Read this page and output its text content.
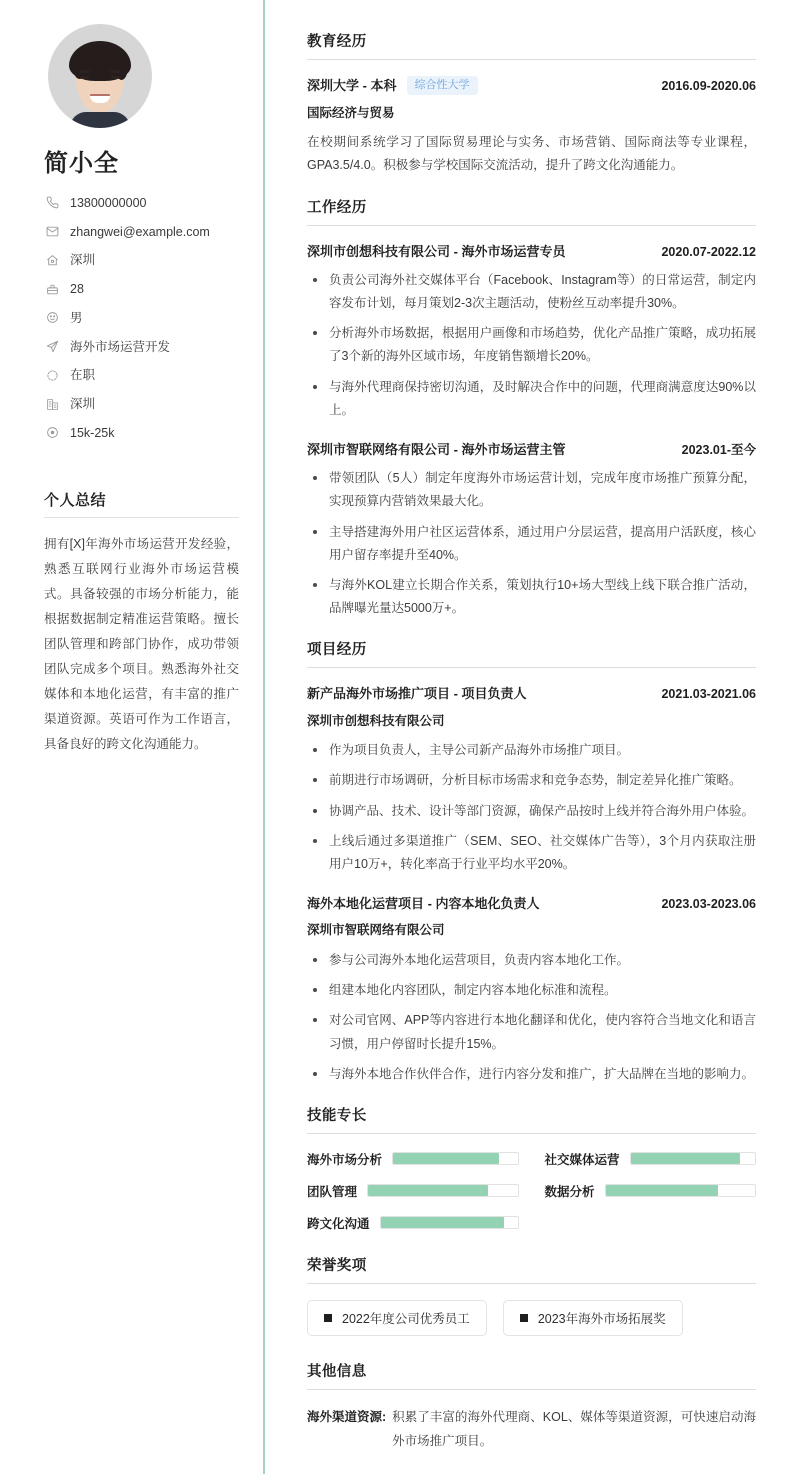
简小全
13800000000
zhangwei@example.com
深圳
28
男
海外市场运营开发
在职
深圳
15k-25k
个人总结

拥有[X]年海外市场运营开发经验，熟悉互联网行业海外市场运营模式。具备较强的市场分析能力，能根据数据制定精准运营策略。擅长团队管理和跨部门协作，成功带领团队完成多个项目。熟悉海外社交媒体和本地化运营，有丰富的推广渠道资源。英语可作为工作语言，具备良好的跨文化沟通能力。

教育经历
深圳大学 - 本科	综合性大学	2016.09-2020.06
国际经济与贸易

在校期间系统学习了国际贸易理论与实务、市场营销、国际商法等专业课程，GPA3.5/4.0。积极参与学校国际交流活动，提升了跨文化沟通能力。

工作经历
深圳市创想科技有限公司 - 海外市场运营专员	2020.07-2022.12
负责公司海外社交媒体平台（Facebook、Instagram等）的日常运营，制定内容发布计划，每月策划2-3次主题活动，使粉丝互动率提升30%。
分析海外市场数据，根据用户画像和市场趋势，优化产品推广策略，成功拓展了3个新的海外区域市场，年度销售额增长20%。
与海外代理商保持密切沟通，及时解决合作中的问题，代理商满意度达90%以上。
深圳市智联网络有限公司 - 海外市场运营主管	2023.01-至今
带领团队（5人）制定年度海外市场运营计划，完成年度市场推广预算分配，实现预算内营销效果最大化。
主导搭建海外用户社区运营体系，通过用户分层运营，提高用户活跃度，核心用户留存率提升至40%。
与海外KOL建立长期合作关系，策划执行10+场大型线上线下联合推广活动，品牌曝光量达5000万+。
项目经历
新产品海外市场推广项目 - 项目负责人	2021.03-2021.06
深圳市创想科技有限公司
作为项目负责人，主导公司新产品海外市场推广项目。
前期进行市场调研，分析目标市场需求和竞争态势，制定差异化推广策略。
协调产品、技术、设计等部门资源，确保产品按时上线并符合海外用户体验。
上线后通过多渠道推广（SEM、SEO、社交媒体广告等），3个月内获取注册用户10万+，转化率高于行业平均水平20%。
海外本地化运营项目 - 内容本地化负责人	2023.03-2023.06
深圳市智联网络有限公司
参与公司海外本地化运营项目，负责内容本地化工作。
组建本地化内容团队，制定内容本地化标准和流程。
对公司官网、APP等内容进行本地化翻译和优化，使内容符合当地文化和语言习惯，用户停留时长提升15%。
与海外本地合作伙伴合作，进行内容分发和推广，扩大品牌在当地的影响力。
技能专长
海外市场分析	社交媒体运营
团队管理	数据分析
跨文化沟通
荣誉奖项
2022年度公司优秀员工	2023年海外市场拓展奖
其他信息
海外渠道资源: 积累了丰富的海外代理商、KOL、媒体等渠道资源，可快速启动海外市场推广项目。
